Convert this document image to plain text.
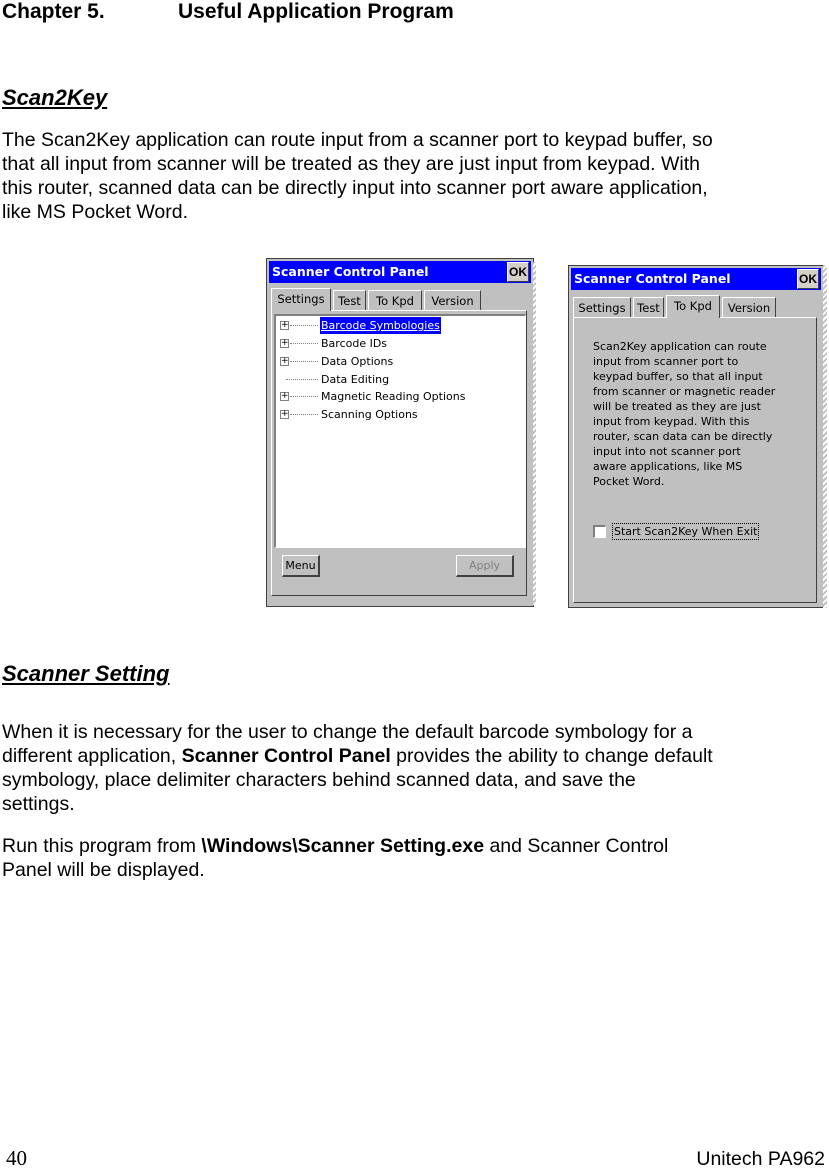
Chapter 5.	Useful Application Program
Scan2Key
The Scan2Key application can route input from a scanner port to keypad buffer, so
that all input from scanner will be treated as they are just input from keypad. With
this router, scanned data can be directly input into scanner port aware application,
like MS Pocket Word.
Scanner Control Panel	OK
Settings	Test	To Kpd	Version
+	Barcode Symbologies
+	Barcode IDs
+	Data Options
Data Editing
+	Magnetic Reading Options
+	Scanning Options
Menu	Apply
Scanner Control Panel	OK
Settings	Test	To Kpd	Version
Scan2Key application can route
input from scanner port to
keypad buffer, so that all input
from scanner or magnetic reader
will be treated as they are just
input from keypad. With this
router, scan data can be directly
input into not scanner port
aware applications, like MS
Pocket Word.
Start Scan2Key When Exit
Scanner Setting
When it is necessary for the user to change the default barcode symbology for a
different application, Scanner Control Panel provides the ability to change default
symbology, place delimiter characters behind scanned data, and save the
settings.
Run this program from \Windows\Scanner Setting.exe and Scanner Control
Panel will be displayed.
40	Unitech PA962
